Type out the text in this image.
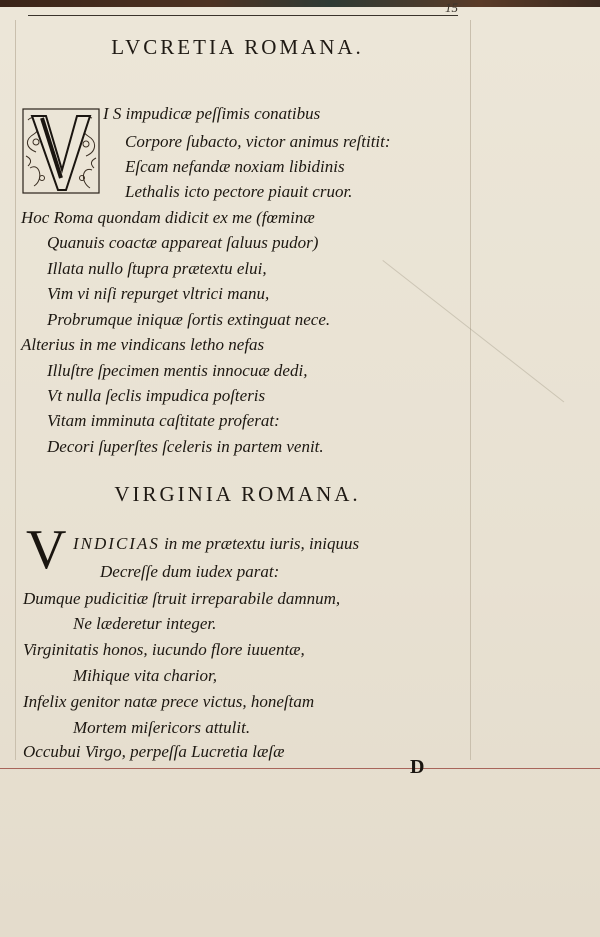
15
LVCRETIA ROMANA.
I S impudicæ peſſimis conatibus
Corpore ſubacto, victor animus reſtitit:
Eſcam nefandæ noxiam libidinis
Lethalis icto pectore piauit cruor.
Hoc Roma quondam didicit ex me (fœminæ
Quanuis coactæ appareat ſaluus pudor)
Illata nullo ſtupra prætextu elui,
Vim vi niſi repurget vltrici manu,
Probrumque iniquæ ſortis extinguat nece.
Alterius in me vindicans letho nefas
Illuſtre ſpecimen mentis innocuæ dedi,
Vt nulla ſeclis impudica poſteris
Vitam imminuta caſtitate proferat:
Decori ſuperſtes ſceleris in partem venit.
VIRGINIA ROMANA.
V INDICIAS in me prætextu iuris, iniquus
Decreſſe dum iudex parat:
Dumque pudicitiæ ſtruit irreparabile damnum,
Ne læderetur integer.
Virginitatis honos, iucundo flore iuuentæ,
Mihique vita charior,
Infelix genitor natæ prece victus, honeſtam
Mortem miſericors attulit.
Occubui Virgo, perpeſſa Lucretia læſæ
D
